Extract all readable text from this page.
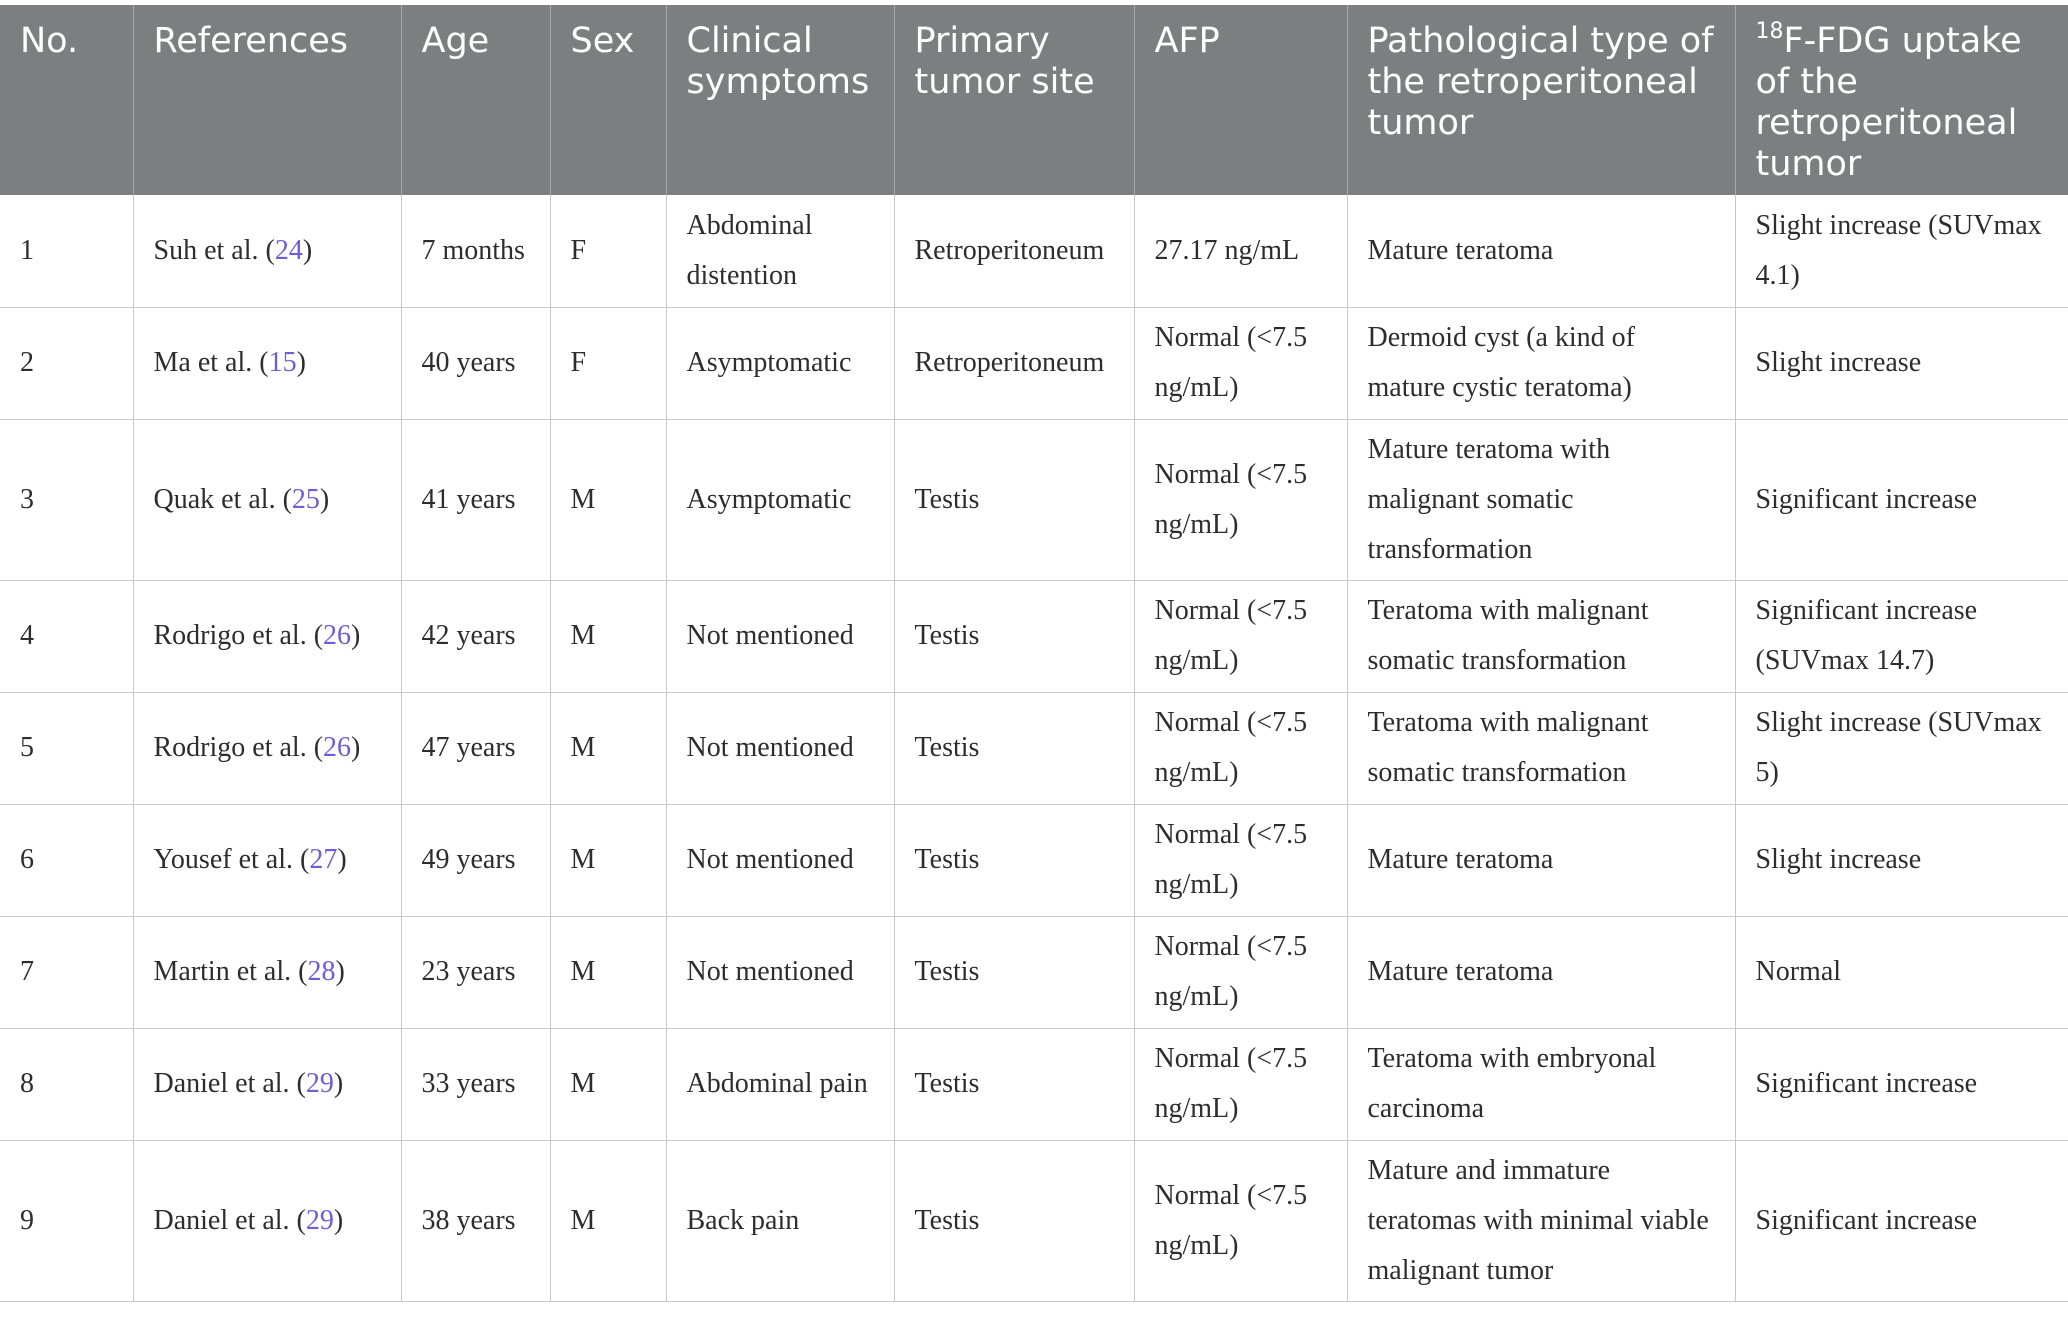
No.	References	Age	Sex	Clinical symptoms	Primary tumor site	AFP	Pathological type of the retroperitoneal tumor	$^{18}$F-FDG uptake of the retroperitoneal tumor
1	Suh et al. (24)	7 months	F	Abdominal distention	Retroperitoneum	27.17 ng/mL	Mature teratoma	Slight increase (SUVmax 4.1)
2	Ma et al. (15)	40 years	F	Asymptomatic	Retroperitoneum	Normal (<7.5 ng/mL)	Dermoid cyst (a kind of mature cystic teratoma)	Slight increase
3	Quak et al. (25)	41 years	M	Asymptomatic	Testis	Normal (<7.5 ng/mL)	Mature teratoma with malignant somatic transformation	Significant increase
4	Rodrigo et al. (26)	42 years	M	Not mentioned	Testis	Normal (<7.5 ng/mL)	Teratoma with malignant somatic transformation	Significant increase (SUVmax 14.7)
5	Rodrigo et al. (26)	47 years	M	Not mentioned	Testis	Normal (<7.5 ng/mL)	Teratoma with malignant somatic transformation	Slight increase (SUVmax 5)
6	Yousef et al. (27)	49 years	M	Not mentioned	Testis	Normal (<7.5 ng/mL)	Mature teratoma	Slight increase
7	Martin et al. (28)	23 years	M	Not mentioned	Testis	Normal (<7.5 ng/mL)	Mature teratoma	Normal
8	Daniel et al. (29)	33 years	M	Abdominal pain	Testis	Normal (<7.5 ng/mL)	Teratoma with embryonal carcinoma	Significant increase
9	Daniel et al. (29)	38 years	M	Back pain	Testis	Normal (<7.5 ng/mL)	Mature and immature teratomas with minimal viable malignant tumor	Significant increase
